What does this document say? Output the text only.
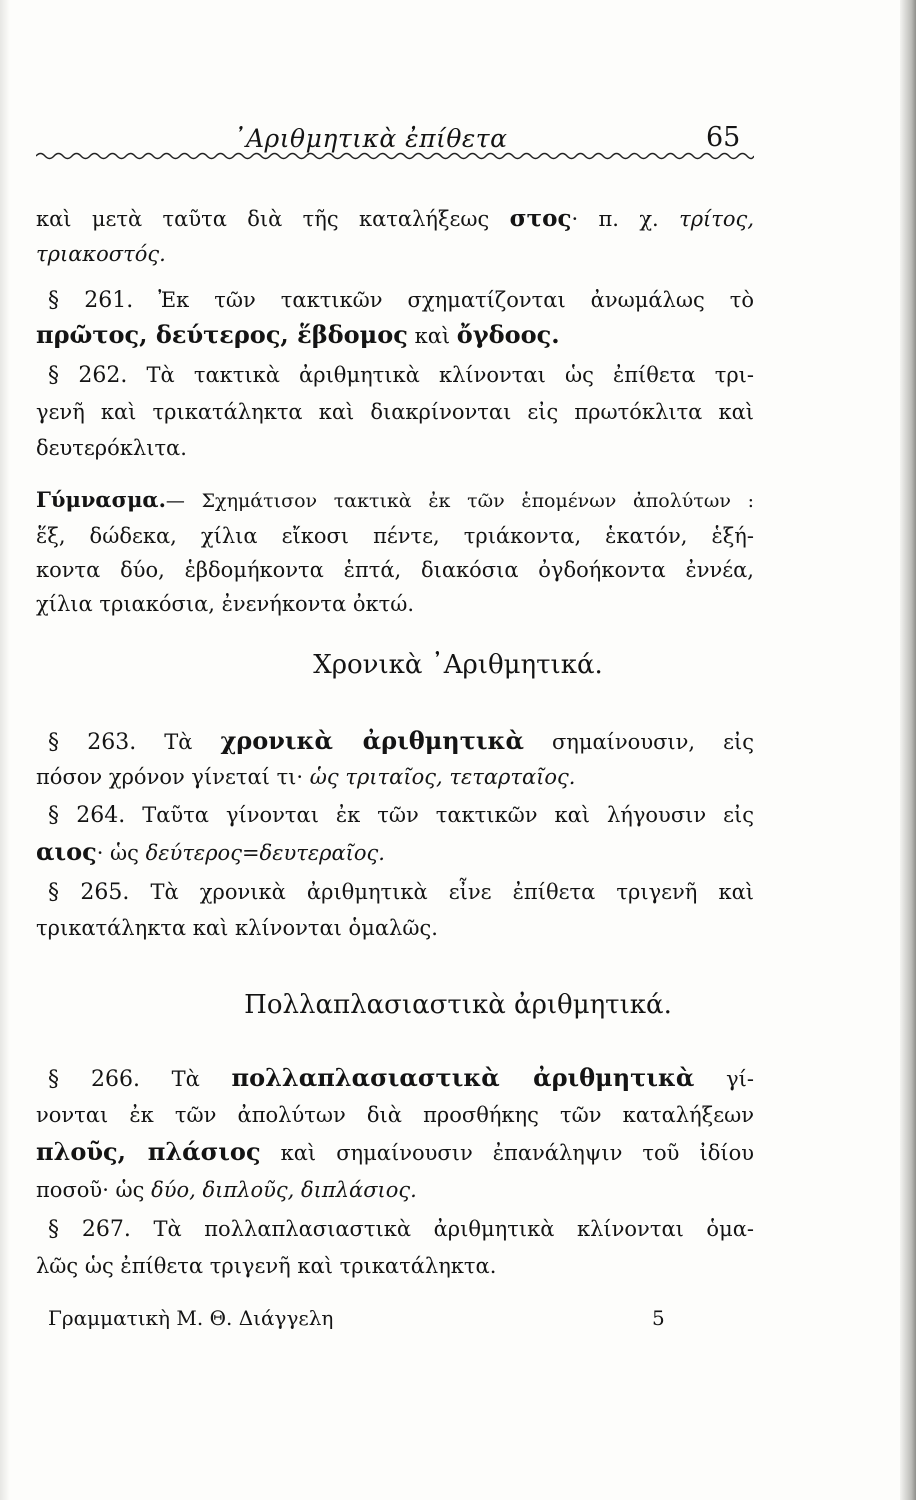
᾿Αριθμητικὰ ἐπίθετα	65
καὶ μετὰ ταῦτα διὰ τῆς καταλήξεως στος· π. χ. τρίτος,
τριακοστός.
§ 261. Ἐκ τῶν τακτικῶν σχηματίζονται ἀνωμάλως τὸ
πρῶτος, δεύτερος, ἕβδομος καὶ ὄγδοος.
§ 262. Τὰ τακτικὰ ἀριθμητικὰ κλίνονται ὡς ἐπίθετα τρι-
γενῆ καὶ τρικατάληκτα καὶ διακρίνονται εἰς πρωτόκλιτα καὶ
δευτερόκλιτα.
Γύμνασμα.— Σχημάτισον τακτικὰ ἐκ τῶν ἑπομένων ἀπολύτων :
ἕξ, δώδεκα, χίλια εἴκοσι πέντε, τριάκοντα, ἑκατόν, ἑξή-
κοντα δύο, ἑβδομήκοντα ἑπτά, διακόσια ὀγδοήκοντα ἐννέα,
χίλια τριακόσια, ἐνενήκοντα ὀκτώ.
Χρονικὰ ᾿Αριθμητικά.
§ 263. Τὰ χρονικὰ ἀριθμητικὰ σημαίνουσιν, εἰς
πόσον χρόνον γίνεταί τι· ὡς τριταῖος, τεταρταῖος.
§ 264. Ταῦτα γίνονται ἐκ τῶν τακτικῶν καὶ λήγουσιν εἰς
αιος· ὡς δεύτερος=δευτεραῖος.
§ 265. Τὰ χρονικὰ ἀριθμητικὰ εἶνε ἐπίθετα τριγενῆ καὶ
τρικατάληκτα καὶ κλίνονται ὁμαλῶς.
Πολλαπλασιαστικὰ ἀριθμητικά.
§ 266. Τὰ πολλαπλασιαστικὰ ἀριθμητικὰ γί-
νονται ἐκ τῶν ἀπολύτων διὰ προσθήκης τῶν καταλήξεων
πλοῦς, πλάσιος καὶ σημαίνουσιν ἐπανάληψιν τοῦ ἰδίου
ποσοῦ· ὡς δύο, διπλοῦς, διπλάσιος.
§ 267. Τὰ πολλαπλασιαστικὰ ἀριθμητικὰ κλίνονται ὁμα-
λῶς ὡς ἐπίθετα τριγενῆ καὶ τρικατάληκτα.
Γραμματικὴ Μ. Θ. Διάγγελη	5
